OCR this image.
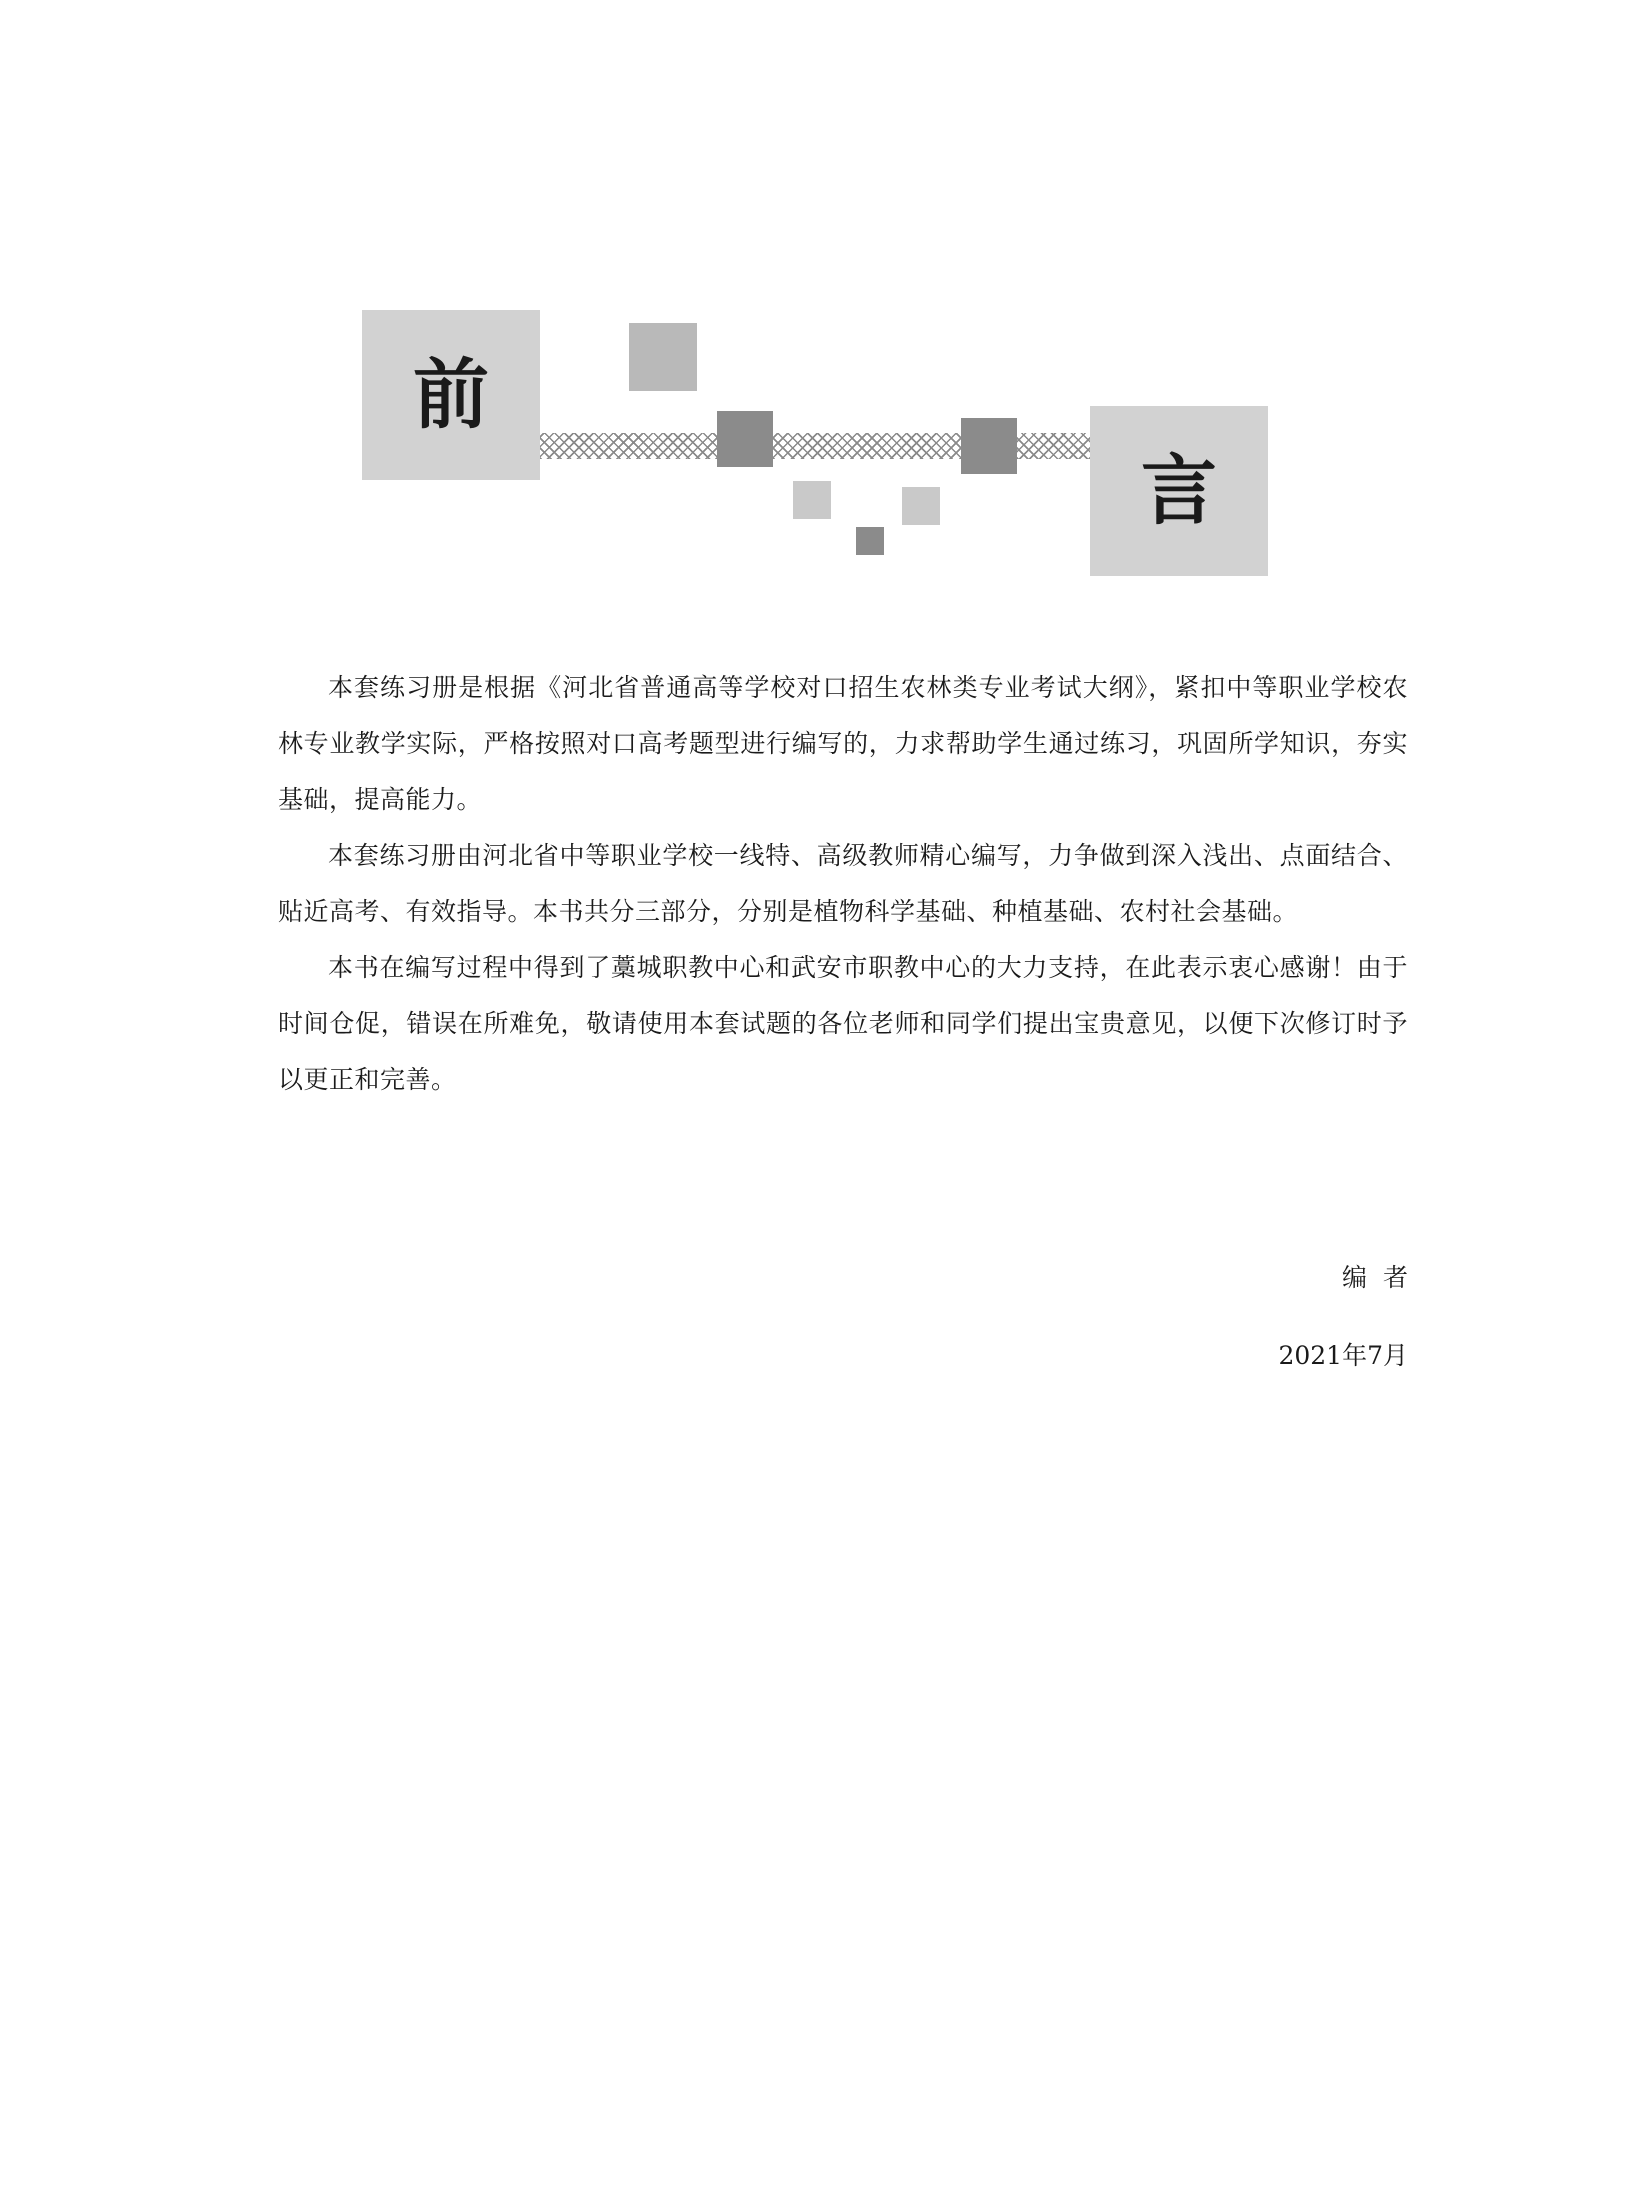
前
言

本套练习册是根据《河北省普通高等学校对口招生农林类专业考试大纲》，紧扣中等职业学校农林专业教学实际，严格按照对口高考题型进行编写的，力求帮助学生通过练习，巩固所学知识，夯实基础，提高能力。

本套练习册由河北省中等职业学校一线特、高级教师精心编写，力争做到深入浅出、点面结合、贴近高考、有效指导。本书共分三部分，分别是植物科学基础、种植基础、农村社会基础。

本书在编写过程中得到了藁城职教中心和武安市职教中心的大力支持，在此表示衷心感谢！由于时间仓促，错误在所难免，敬请使用本套试题的各位老师和同学们提出宝贵意见，以便下次修订时予以更正和完善。

编者
2021年7月
